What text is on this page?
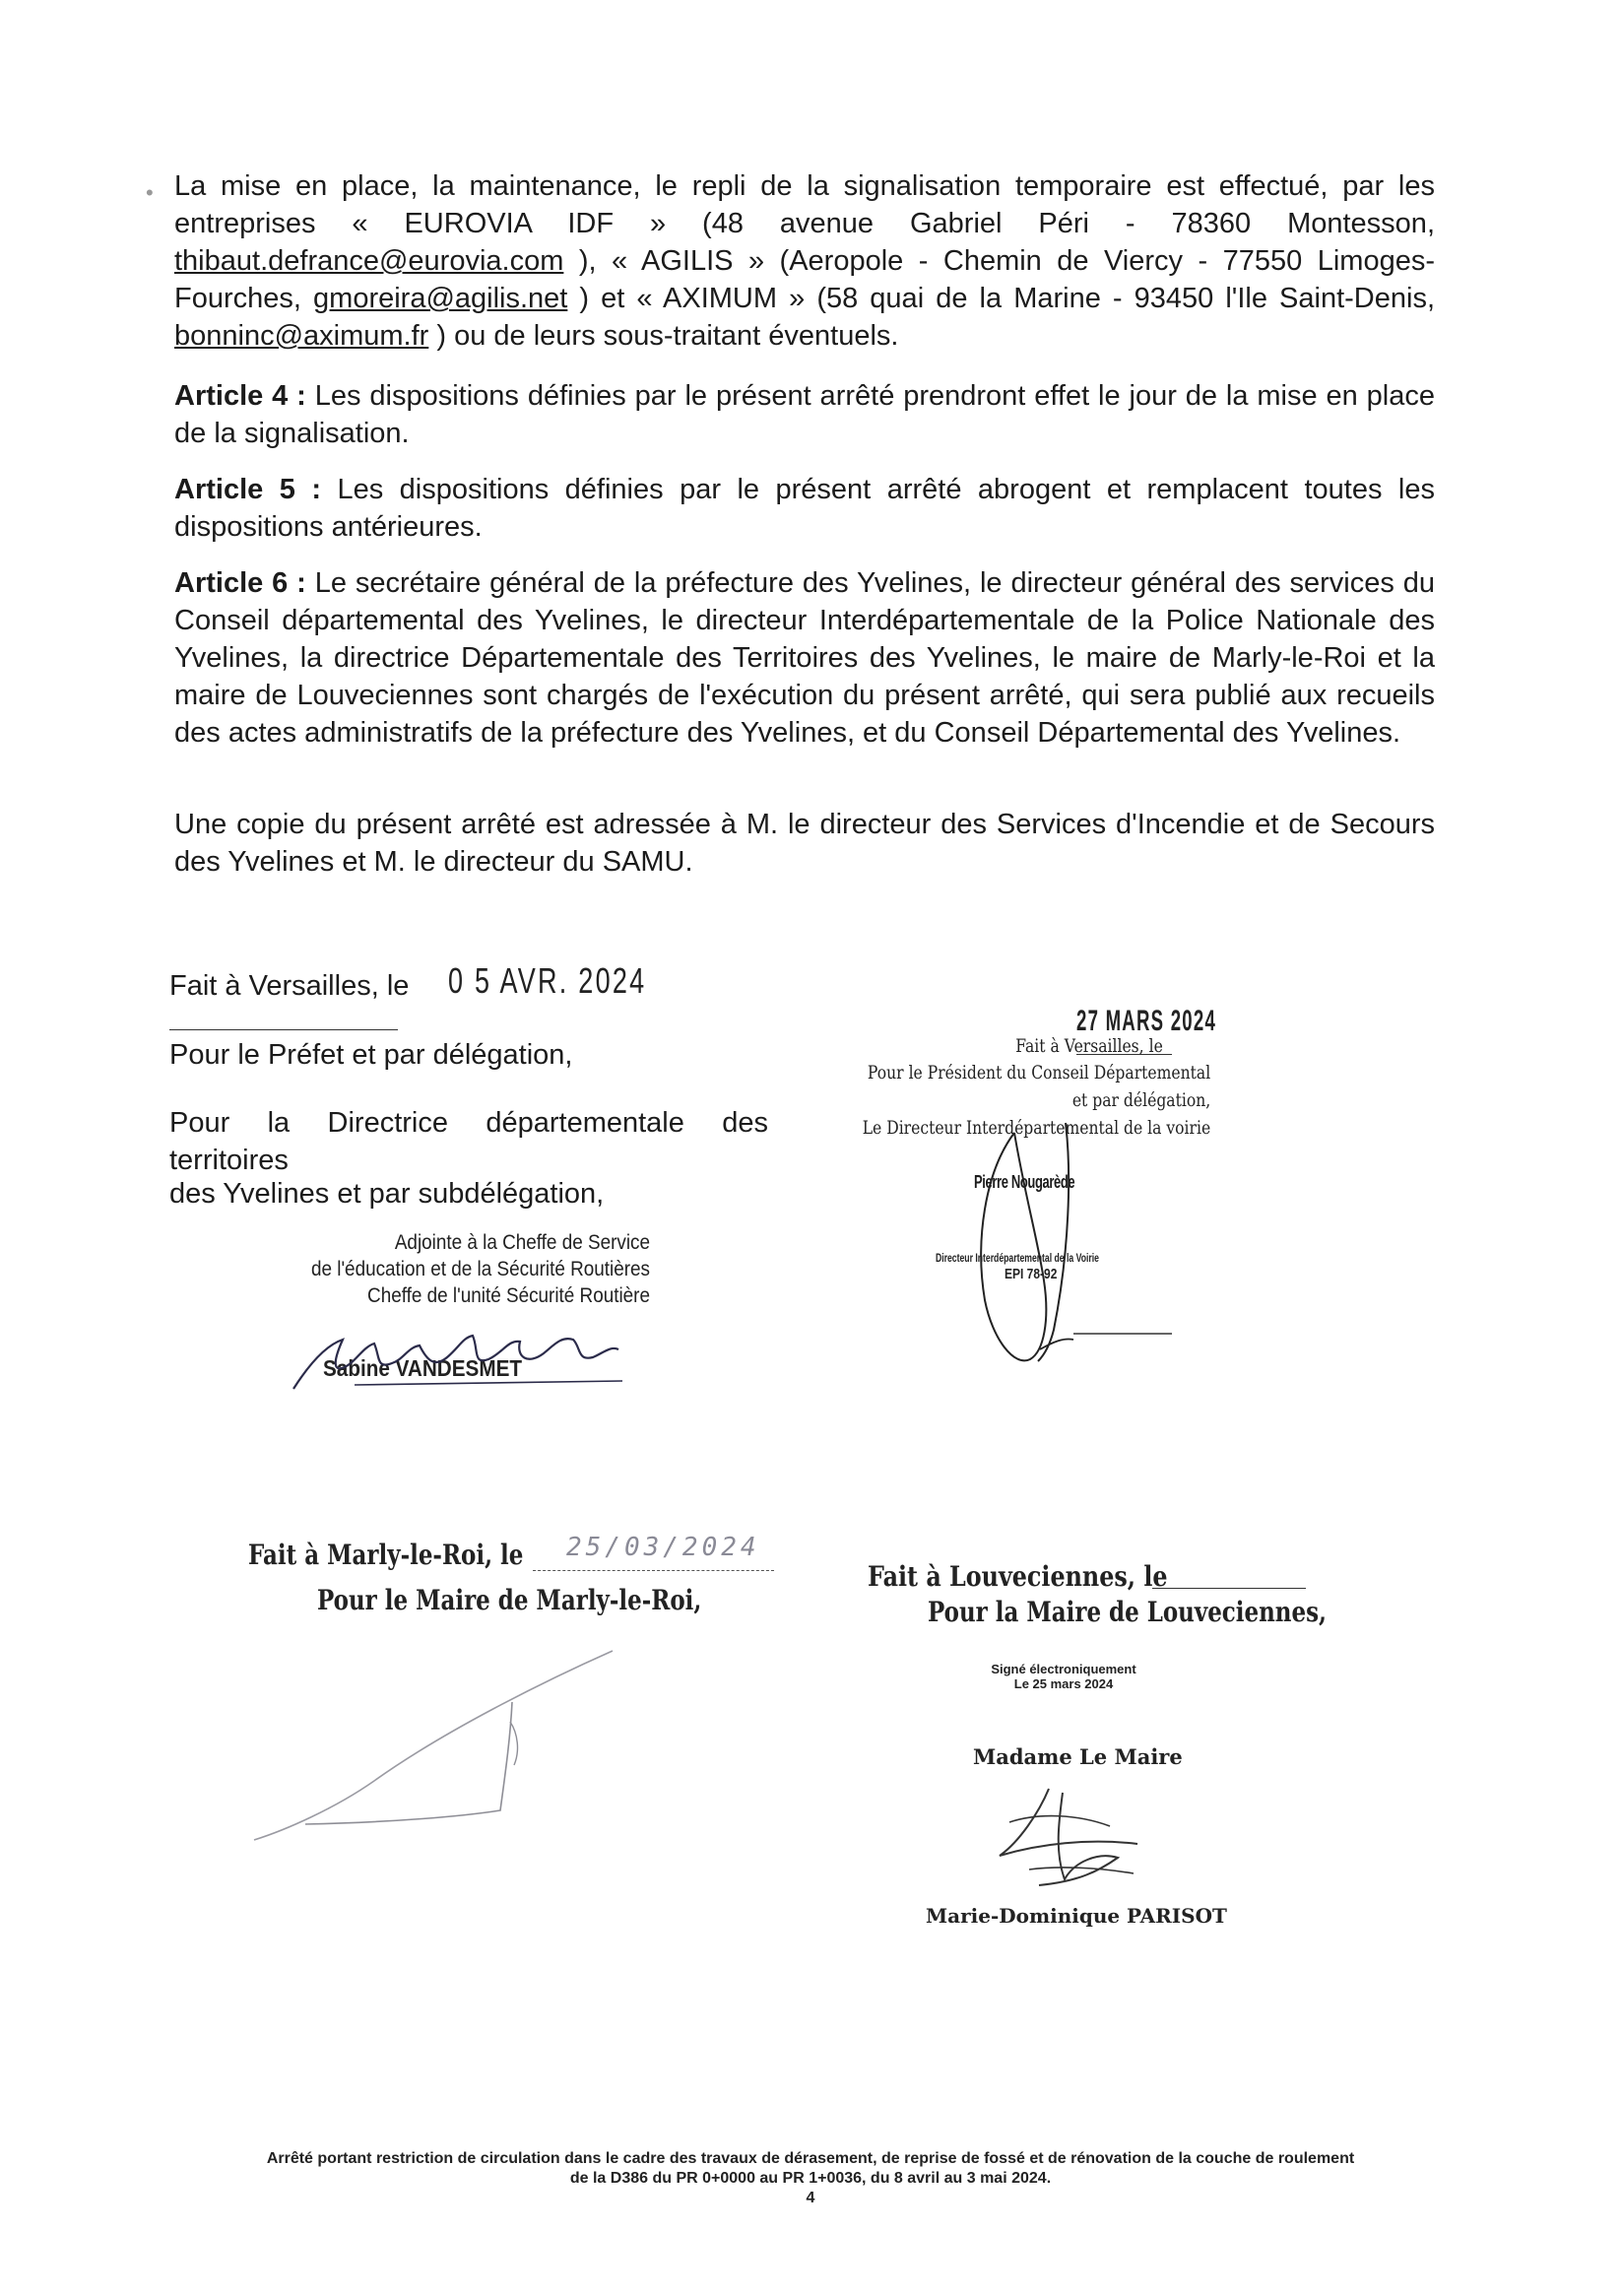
• La mise en place, la maintenance, le repli de la signalisation temporaire est effectué, par les entreprises « EUROVIA IDF » (48 avenue Gabriel Péri - 78360 Montesson, thibaut.defrance@eurovia.com ), « AGILIS » (Aeropole - Chemin de Viercy - 77550 Limoges-Fourches, gmoreira@agilis.net ) et « AXIMUM » (58 quai de la Marine - 93450 l'Ile Saint-Denis, bonninc@aximum.fr ) ou de leurs sous-traitant éventuels.
Article 4 : Les dispositions définies par le présent arrêté prendront effet le jour de la mise en place de la signalisation.
Article 5 : Les dispositions définies par le présent arrêté abrogent et remplacent toutes les dispositions antérieures.
Article 6 : Le secrétaire général de la préfecture des Yvelines, le directeur général des services du Conseil départemental des Yvelines, le directeur Interdépartementale de la Police Nationale des Yvelines, la directrice Départementale des Territoires des Yvelines, le maire de Marly-le-Roi et la maire de Louveciennes sont chargés de l'exécution du présent arrêté, qui sera publié aux recueils des actes administratifs de la préfecture des Yvelines, et du Conseil Départemental des Yvelines.
Une copie du présent arrêté est adressée à M. le directeur des Services d'Incendie et de Secours des Yvelines et M. le directeur du SAMU.
Fait à Versailles, le 0 5 AVR. 2024
Pour le Préfet et par délégation,
Pour la Directrice départementale des territoires
des Yvelines et par subdélégation,
Adjointe à la Cheffe de Service
de l'éducation et de la Sécurité Routières
Cheffe de l'unité Sécurité Routière
Sabine VANDESMET
27 MARS 2024
Fait à Versailles, le
Pour le Président du Conseil Départemental
et par délégation,
Le Directeur Interdépartemental de la voirie
Pierre Nougarède
Directeur Interdépartemental de la Voirie
EPI 78-92
Fait à Marly-le-Roi, le 25/03/2024
Pour le Maire de Marly-le-Roi,
Fait à Louveciennes, le
Pour la Maire de Louveciennes,
Signé électroniquement
Le 25 mars 2024
Madame Le Maire
Marie-Dominique PARISOT
Arrêté portant restriction de circulation dans le cadre des travaux de dérasement, de reprise de fossé et de rénovation de la couche de roulement
de la D386 du PR 0+0000 au PR 1+0036, du 8 avril au 3 mai 2024.
4
